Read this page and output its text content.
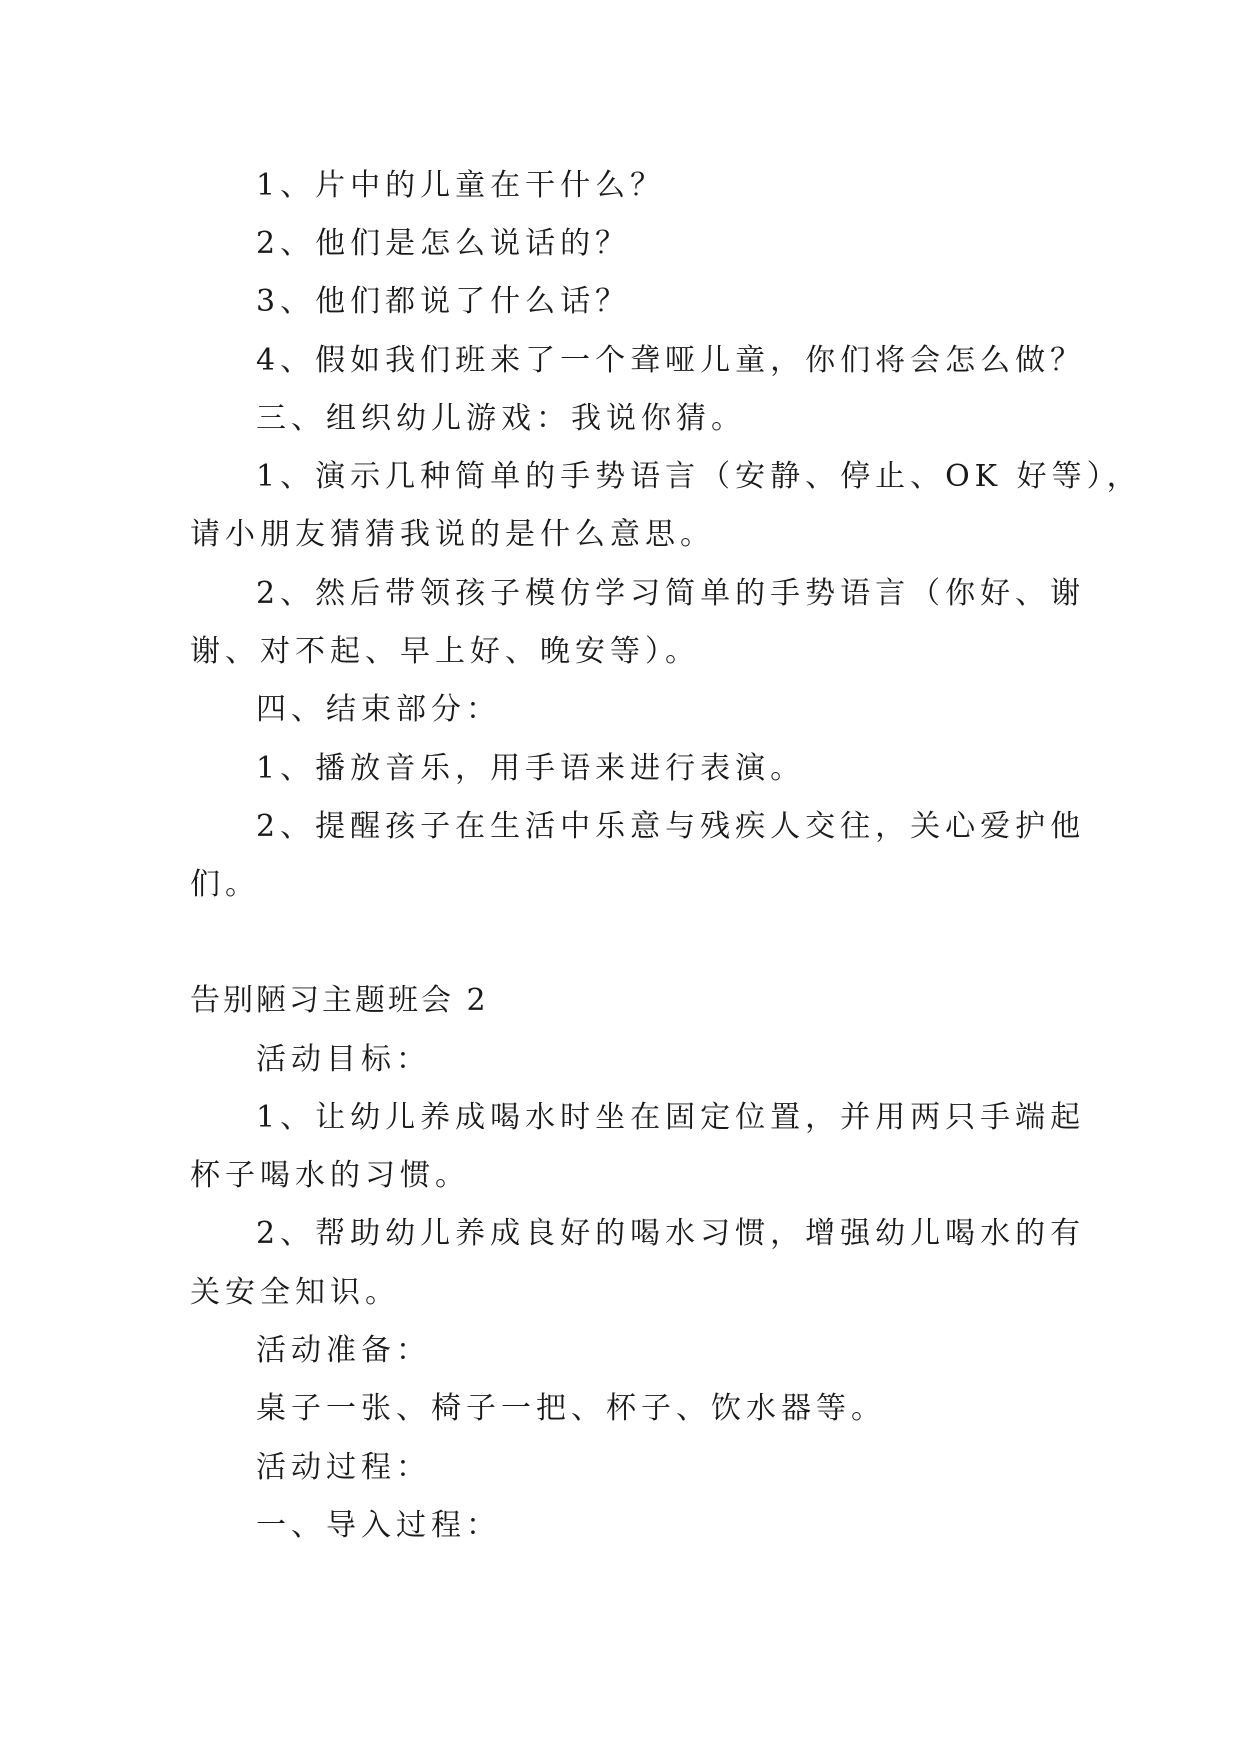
1、片中的儿童在干什么？
2、他们是怎么说话的？
3、他们都说了什么话？
4、假如我们班来了一个聋哑儿童，你们将会怎么做？
三、组织幼儿游戏：我说你猜。
1、演示几种简单的手势语言（安静、停止、OK 好等），
请小朋友猜猜我说的是什么意思。
2、然后带领孩子模仿学习简单的手势语言（你好、谢
谢、对不起、早上好、晚安等）。
四、结束部分：
1、播放音乐，用手语来进行表演。
2、提醒孩子在生活中乐意与残疾人交往，关心爱护他
们。
告别陋习主题班会 2
活动目标：
1、让幼儿养成喝水时坐在固定位置，并用两只手端起
杯子喝水的习惯。
2、帮助幼儿养成良好的喝水习惯，增强幼儿喝水的有
关安全知识。
活动准备：
桌子一张、椅子一把、杯子、饮水器等。
活动过程：
一、导入过程：
